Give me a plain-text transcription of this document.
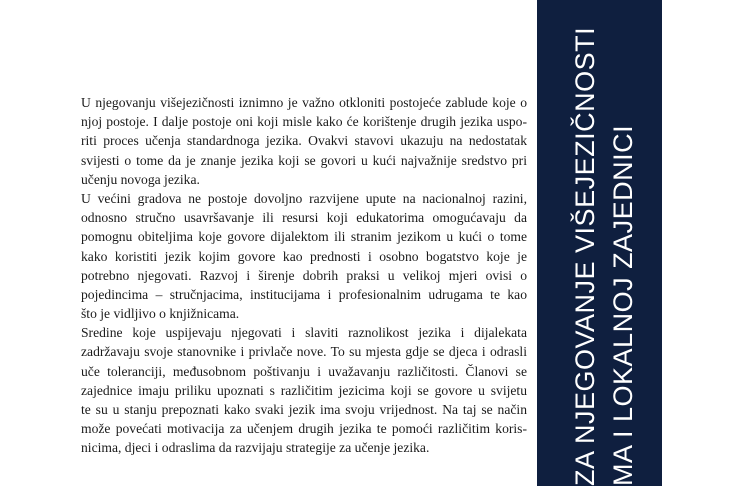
U njegovanju višejezičnosti iznimno je važno otkloniti postojeće zablude koje o
njoj postoje. I dalje postoje oni koji misle kako će korištenje drugih jezika uspo-
riti proces učenja standardnoga jezika. Ovakvi stavovi ukazuju na nedostatak
svijesti o tome da je znanje jezika koji se govori u kući najvažnije sredstvo pri
učenju novoga jezika.
U većini gradova ne postoje dovoljno razvijene upute na nacionalnoj razini,
odnosno stručno usavršavanje ili resursi koji edukatorima omogućavaju da
pomognu obiteljima koje govore dijalektom ili stranim jezikom u kući o tome
kako koristiti jezik kojim govore kao prednosti i osobno bogatstvo koje je
potrebno njegovati. Razvoj i širenje dobrih praksi u velikoj mjeri ovisi o
pojedincima – stručnjacima, institucijama i profesionalnim udrugama te kao
što je vidljivo o knjižnicama.
Sredine koje uspijevaju njegovati i slaviti raznolikost jezika i dijalekata
zadržavaju svoje stanovnike i privlače nove. To su mjesta gdje se djeca i odrasli
uče toleranciji, međusobnom poštivanju i uvažavanju različitosti. Članovi se
zajednice imaju priliku upoznati s različitim jezicima koji se govore u svijetu
te su u stanju prepoznati kako svaki jezik ima svoju vrijednost. Na taj se način
može povećati motivacija za učenjem drugih jezika te pomoći različitim koris-
nicima, djeci i odraslima da razvijaju strategije za učenje jezika.	ZA NJEGOVANJE VIŠEJEZIČNOSTI MA I LOKALNOJ ZAJEDNICI
